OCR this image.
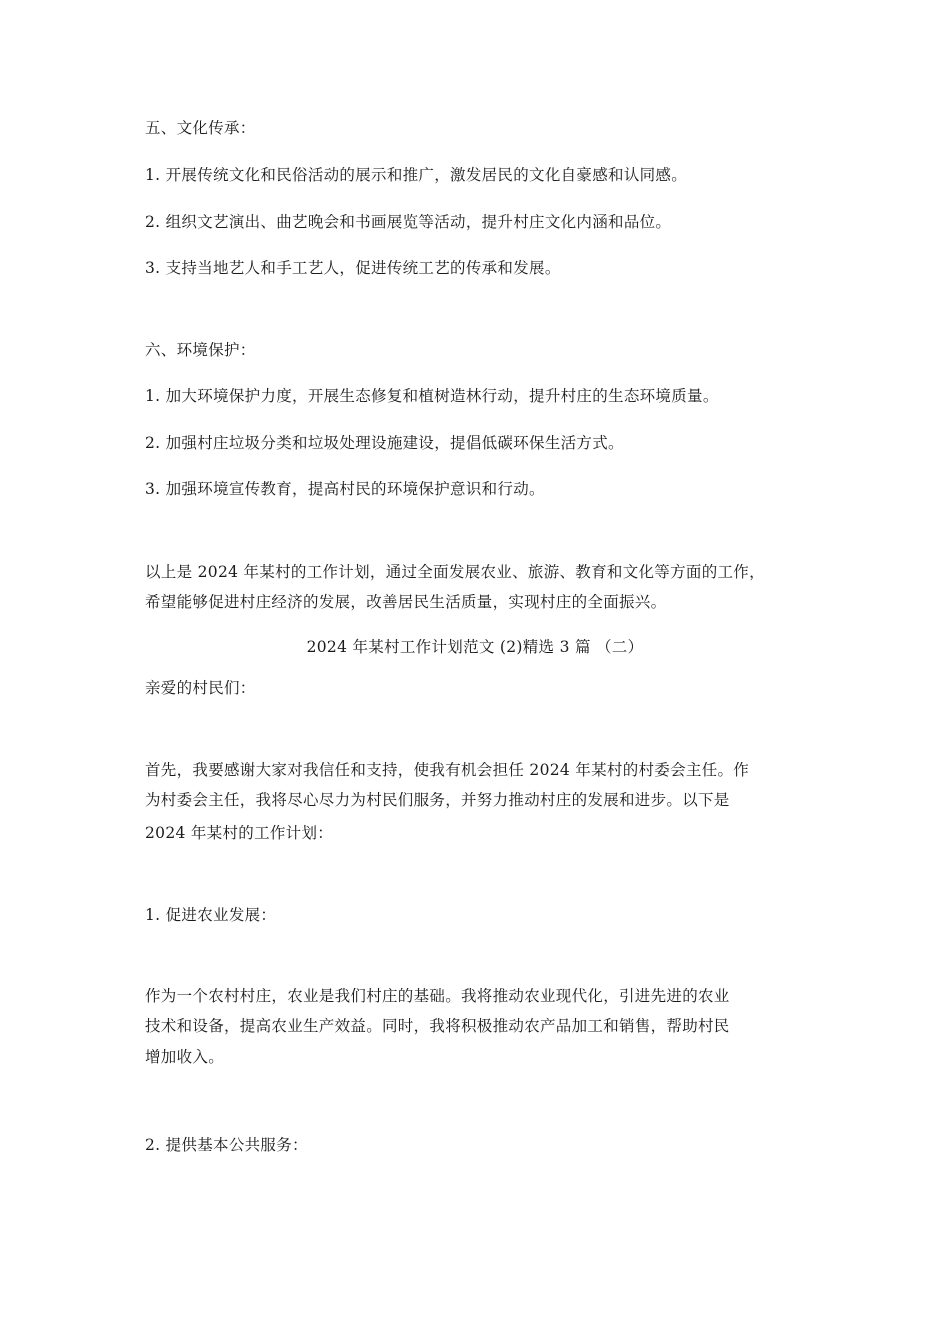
五、文化传承：
1. 开展传统文化和民俗活动的展示和推广，激发居民的文化自豪感和认同感。
2. 组织文艺演出、曲艺晚会和书画展览等活动，提升村庄文化内涵和品位。
3. 支持当地艺人和手工艺人，促进传统工艺的传承和发展。
六、环境保护：
1. 加大环境保护力度，开展生态修复和植树造林行动，提升村庄的生态环境质量。
2. 加强村庄垃圾分类和垃圾处理设施建设，提倡低碳环保生活方式。
3. 加强环境宣传教育，提高村民的环境保护意识和行动。
以上是 2024 年某村的工作计划，通过全面发展农业、旅游、教育和文化等方面的工作，
希望能够促进村庄经济的发展，改善居民生活质量，实现村庄的全面振兴。
2024 年某村工作计划范文 (2)精选 3 篇 （二）
亲爱的村民们：
首先，我要感谢大家对我信任和支持，使我有机会担任 2024 年某村的村委会主任。作
为村委会主任，我将尽心尽力为村民们服务，并努力推动村庄的发展和进步。以下是
2024 年某村的工作计划：
1. 促进农业发展：
作为一个农村村庄，农业是我们村庄的基础。我将推动农业现代化，引进先进的农业
技术和设备，提高农业生产效益。同时，我将积极推动农产品加工和销售，帮助村民
增加收入。
2. 提供基本公共服务：
